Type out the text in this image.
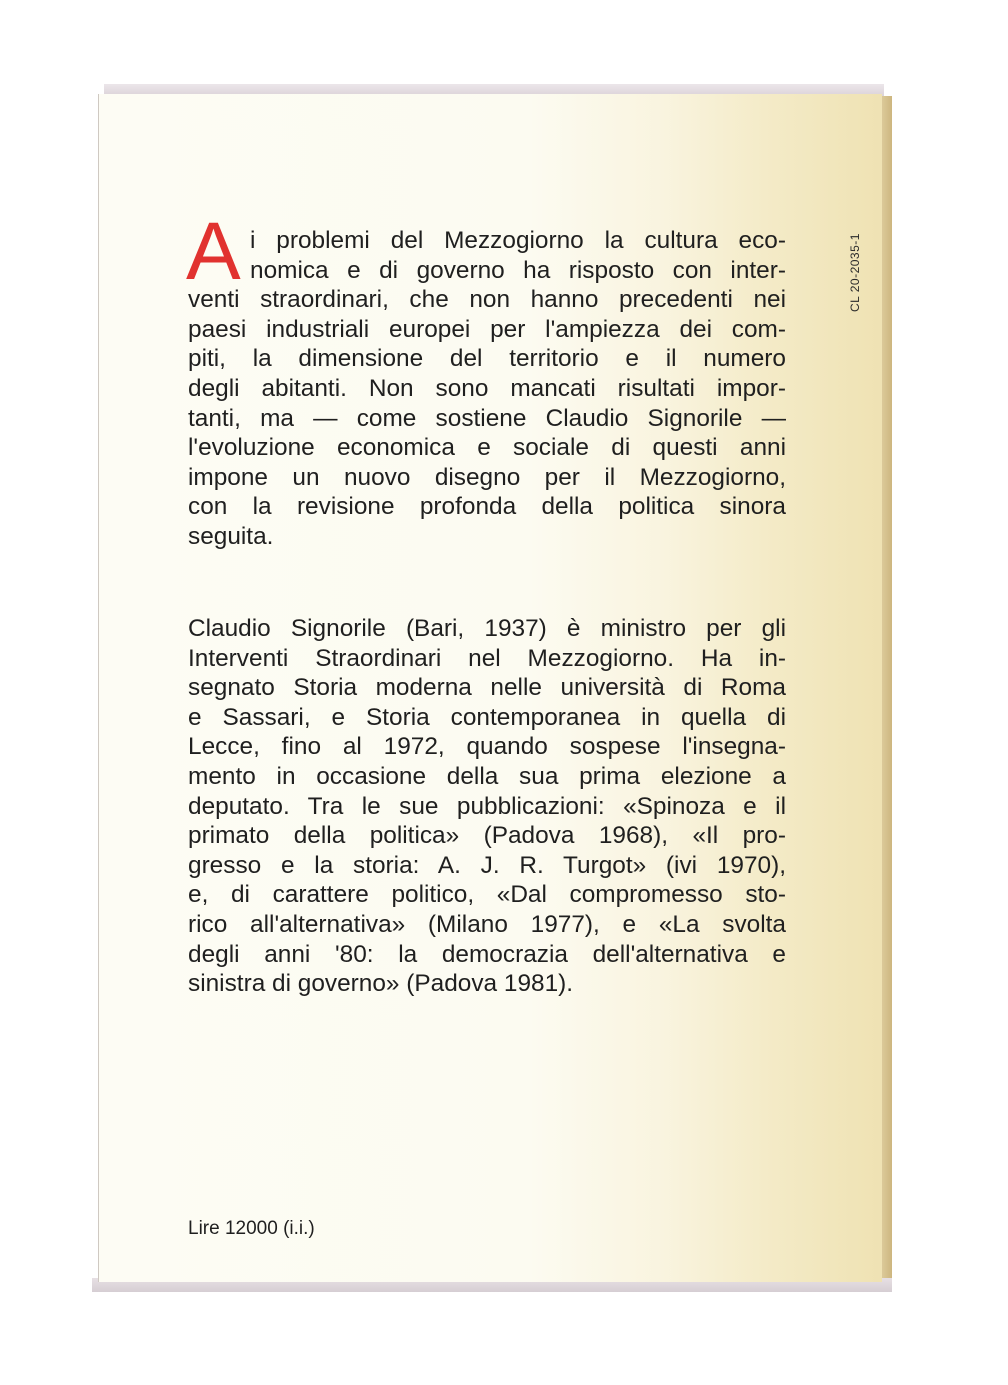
A i problemi del Mezzogiorno la cultura eco-
nomica e di governo ha risposto con inter-
venti straordinari, che non hanno precedenti nei
paesi industriali europei per l'ampiezza dei com-
piti, la dimensione del territorio e il numero
degli abitanti. Non sono mancati risultati impor-
tanti, ma — come sostiene Claudio Signorile —
l'evoluzione economica e sociale di questi anni
impone un nuovo disegno per il Mezzogiorno,
con la revisione profonda della politica sinora
seguita.
Claudio Signorile (Bari, 1937) è ministro per gli
Interventi Straordinari nel Mezzogiorno. Ha in-
segnato Storia moderna nelle università di Roma
e Sassari, e Storia contemporanea in quella di
Lecce, fino al 1972, quando sospese l'insegna-
mento in occasione della sua prima elezione a
deputato. Tra le sue pubblicazioni: «Spinoza e il
primato della politica» (Padova 1968), «Il pro-
gresso e la storia: A. J. R. Turgot» (ivi 1970),
e, di carattere politico, «Dal compromesso sto-
rico all'alternativa» (Milano 1977), e «La svolta
degli anni '80: la democrazia dell'alternativa e
sinistra di governo» (Padova 1981).
CL 20-2035-1
Lire 12000 (i.i.)
